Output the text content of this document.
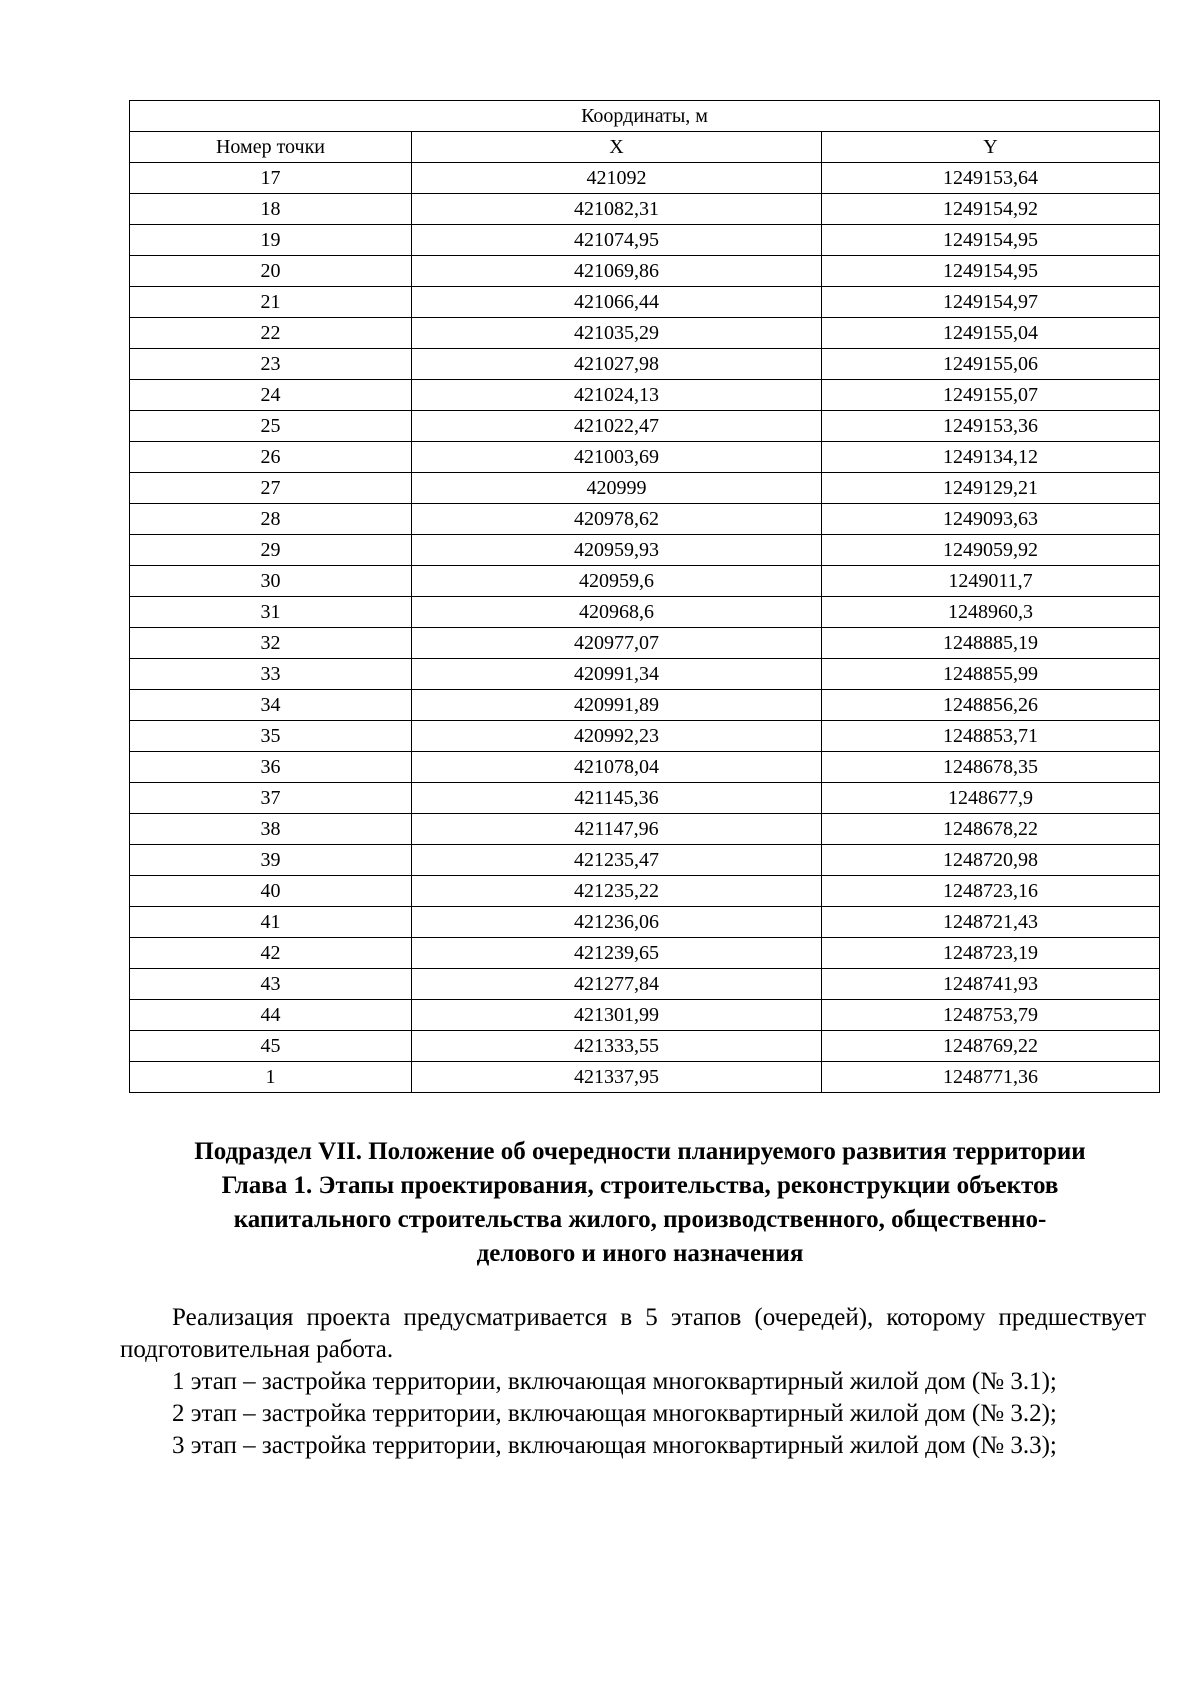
Координаты, м		
Номер точки	X	Y
17	421092	1249153,64
18	421082,31	1249154,92
19	421074,95	1249154,95
20	421069,86	1249154,95
21	421066,44	1249154,97
22	421035,29	1249155,04
23	421027,98	1249155,06
24	421024,13	1249155,07
25	421022,47	1249153,36
26	421003,69	1249134,12
27	420999	1249129,21
28	420978,62	1249093,63
29	420959,93	1249059,92
30	420959,6	1249011,7
31	420968,6	1248960,3
32	420977,07	1248885,19
33	420991,34	1248855,99
34	420991,89	1248856,26
35	420992,23	1248853,71
36	421078,04	1248678,35
37	421145,36	1248677,9
38	421147,96	1248678,22
39	421235,47	1248720,98
40	421235,22	1248723,16
41	421236,06	1248721,43
42	421239,65	1248723,19
43	421277,84	1248741,93
44	421301,99	1248753,79
45	421333,55	1248769,22
1	421337,95	1248771,36
Подраздел VII. Положение об очередности планируемого развития территории
Глава 1. Этапы проектирования, строительства, реконструкции объектов
капитального строительства жилого, производственного, общественно-
делового и иного назначения

Реализация проекта предусматривается в 5 этапов (очередей), которому предшествует подготовительная работа.

1 этап – застройка территории, включающая многоквартирный жилой дом (№ 3.1);

2 этап – застройка территории, включающая многоквартирный жилой дом (№ 3.2);

3 этап – застройка территории, включающая многоквартирный жилой дом (№ 3.3);
